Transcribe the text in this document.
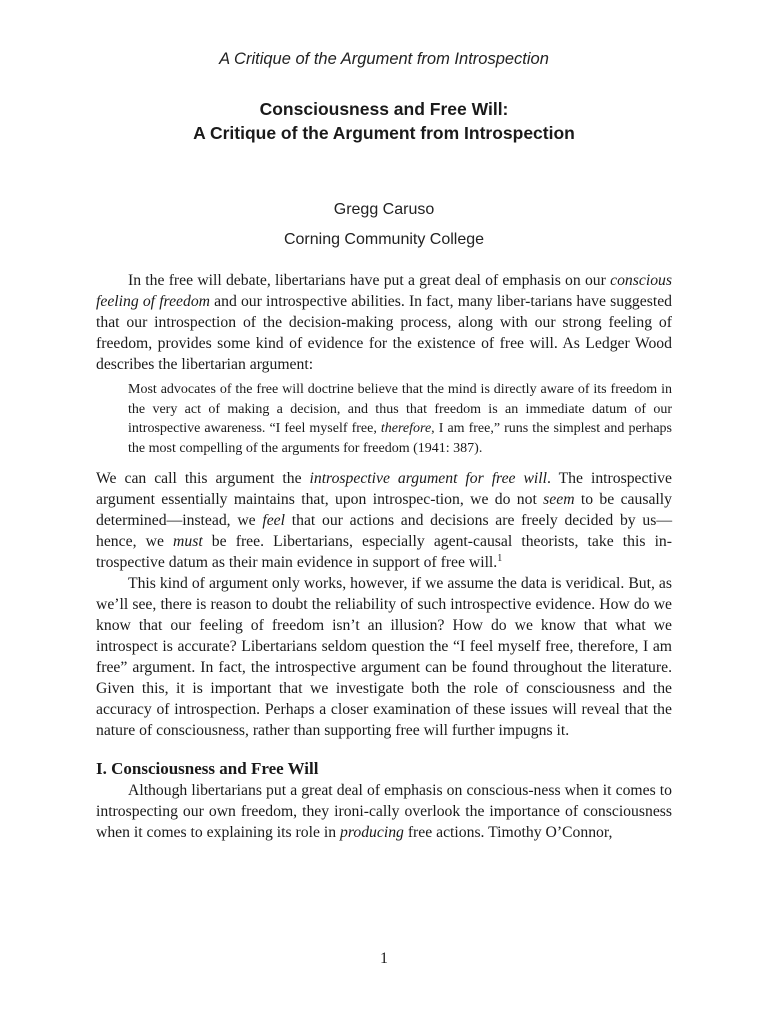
A Critique of the Argument from Introspection
Consciousness and Free Will:
A Critique of the Argument from Introspection
Gregg Caruso
Corning Community College

In the free will debate, libertarians have put a great deal of emphasis on our conscious feeling of freedom and our introspective abilities. In fact, many liber-tarians have suggested that our introspection of the decision-making process, along with our strong feeling of freedom, provides some kind of evidence for the existence of free will. As Ledger Wood describes the libertarian argument:

Most advocates of the free will doctrine believe that the mind is directly aware of its freedom in the very act of making a decision, and thus that freedom is an immediate datum of our introspective awareness. “I feel myself free, therefore, I am free,” runs the simplest and perhaps the most compelling of the arguments for freedom (1941: 387).

We can call this argument the introspective argument for free will. The introspective argument essentially maintains that, upon introspec-tion, we do not seem to be causally determined—instead, we feel that our actions and decisions are freely decided by us—hence, we must be free. Libertarians, especially agent-causal theorists, take this in-trospective datum as their main evidence in support of free will.$^1$

This kind of argument only works, however, if we assume the data is veridical. But, as we’ll see, there is reason to doubt the reliability of such introspective evidence. How do we know that our feeling of freedom isn’t an illusion? How do we know that what we introspect is accurate? Libertarians seldom question the “I feel myself free, therefore, I am free” argument. In fact, the introspective argument can be found throughout the literature. Given this, it is important that we investigate both the role of consciousness and the accuracy of introspection. Perhaps a closer examination of these issues will reveal that the nature of consciousness, rather than supporting free will further impugns it.

I. Consciousness and Free Will

Although libertarians put a great deal of emphasis on conscious-ness when it comes to introspecting our own freedom, they ironi-cally overlook the importance of consciousness when it comes to explaining its role in producing free actions. Timothy O’Connor,

1
